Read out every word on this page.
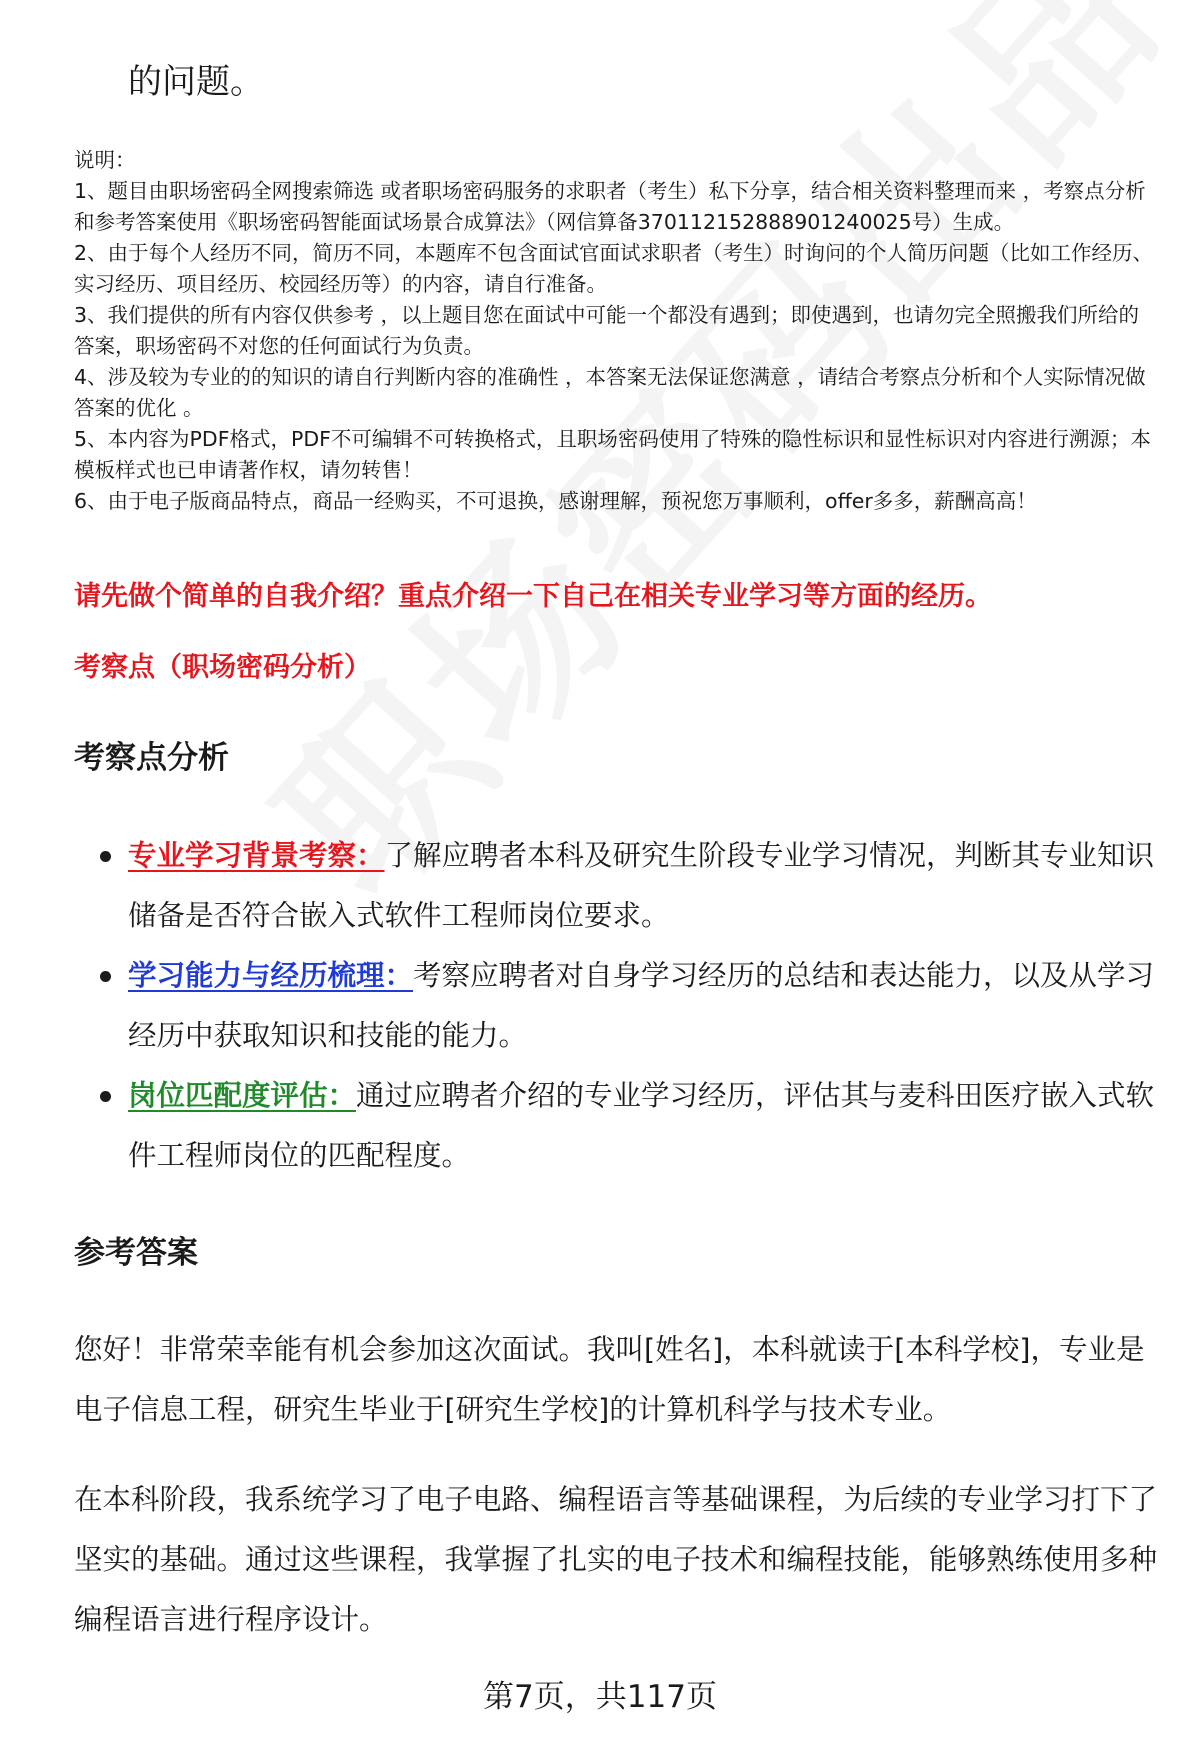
的问题。

说明：

1、题目由职场密码全网搜索筛选 或者职场密码服务的求职者（考生）私下分享，结合相关资料整理而来 ，考察点分析和参考答案使用《职场密码智能面试场景合成算法》（网信算备370112152888901240025号）生成。

2、由于每个人经历不同，简历不同，本题库不包含面试官面试求职者（考生）时询问的个人简历问题（比如工作经历、实习经历、项目经历、校园经历等）的内容，请自行准备。

3、我们提供的所有内容仅供参考 ，以上题目您在面试中可能一个都没有遇到；即使遇到，也请勿完全照搬我们所给的答案，职场密码不对您的任何面试行为负责。

4、涉及较为专业的的知识的请自行判断内容的准确性 ，本答案无法保证您满意 ，请结合考察点分析和个人实际情况做答案的优化 。

5、本内容为PDF格式，PDF不可编辑不可转换格式，且职场密码使用了特殊的隐性标识和显性标识对内容进行溯源；本模板样式也已申请著作权，请勿转售！

6、由于电子版商品特点，商品一经购买，不可退换，感谢理解，预祝您万事顺利，offer多多，薪酬高高！

请先做个简单的自我介绍？重点介绍一下自己在相关专业学习等方面的经历。
考察点（职场密码分析）
考察点分析
专业学习背景考察：了解应聘者本科及研究生阶段专业学习情况，判断其专业知识储备是否符合嵌入式软件工程师岗位要求。
学习能力与经历梳理：考察应聘者对自身学习经历的总结和表达能力，以及从学习经历中获取知识和技能的能力。
岗位匹配度评估：通过应聘者介绍的专业学习经历，评估其与麦科田医疗嵌入式软件工程师岗位的匹配程度。
参考答案

您好！非常荣幸能有机会参加这次面试。我叫[姓名]，本科就读于[本科学校]，专业是电子信息工程，研究生毕业于[研究生学校]的计算机科学与技术专业。

在本科阶段，我系统学习了电子电路、编程语言等基础课程，为后续的专业学习打下了坚实的基础。通过这些课程，我掌握了扎实的电子技术和编程技能，能够熟练使用多种编程语言进行程序设计。

第7页，共117页
